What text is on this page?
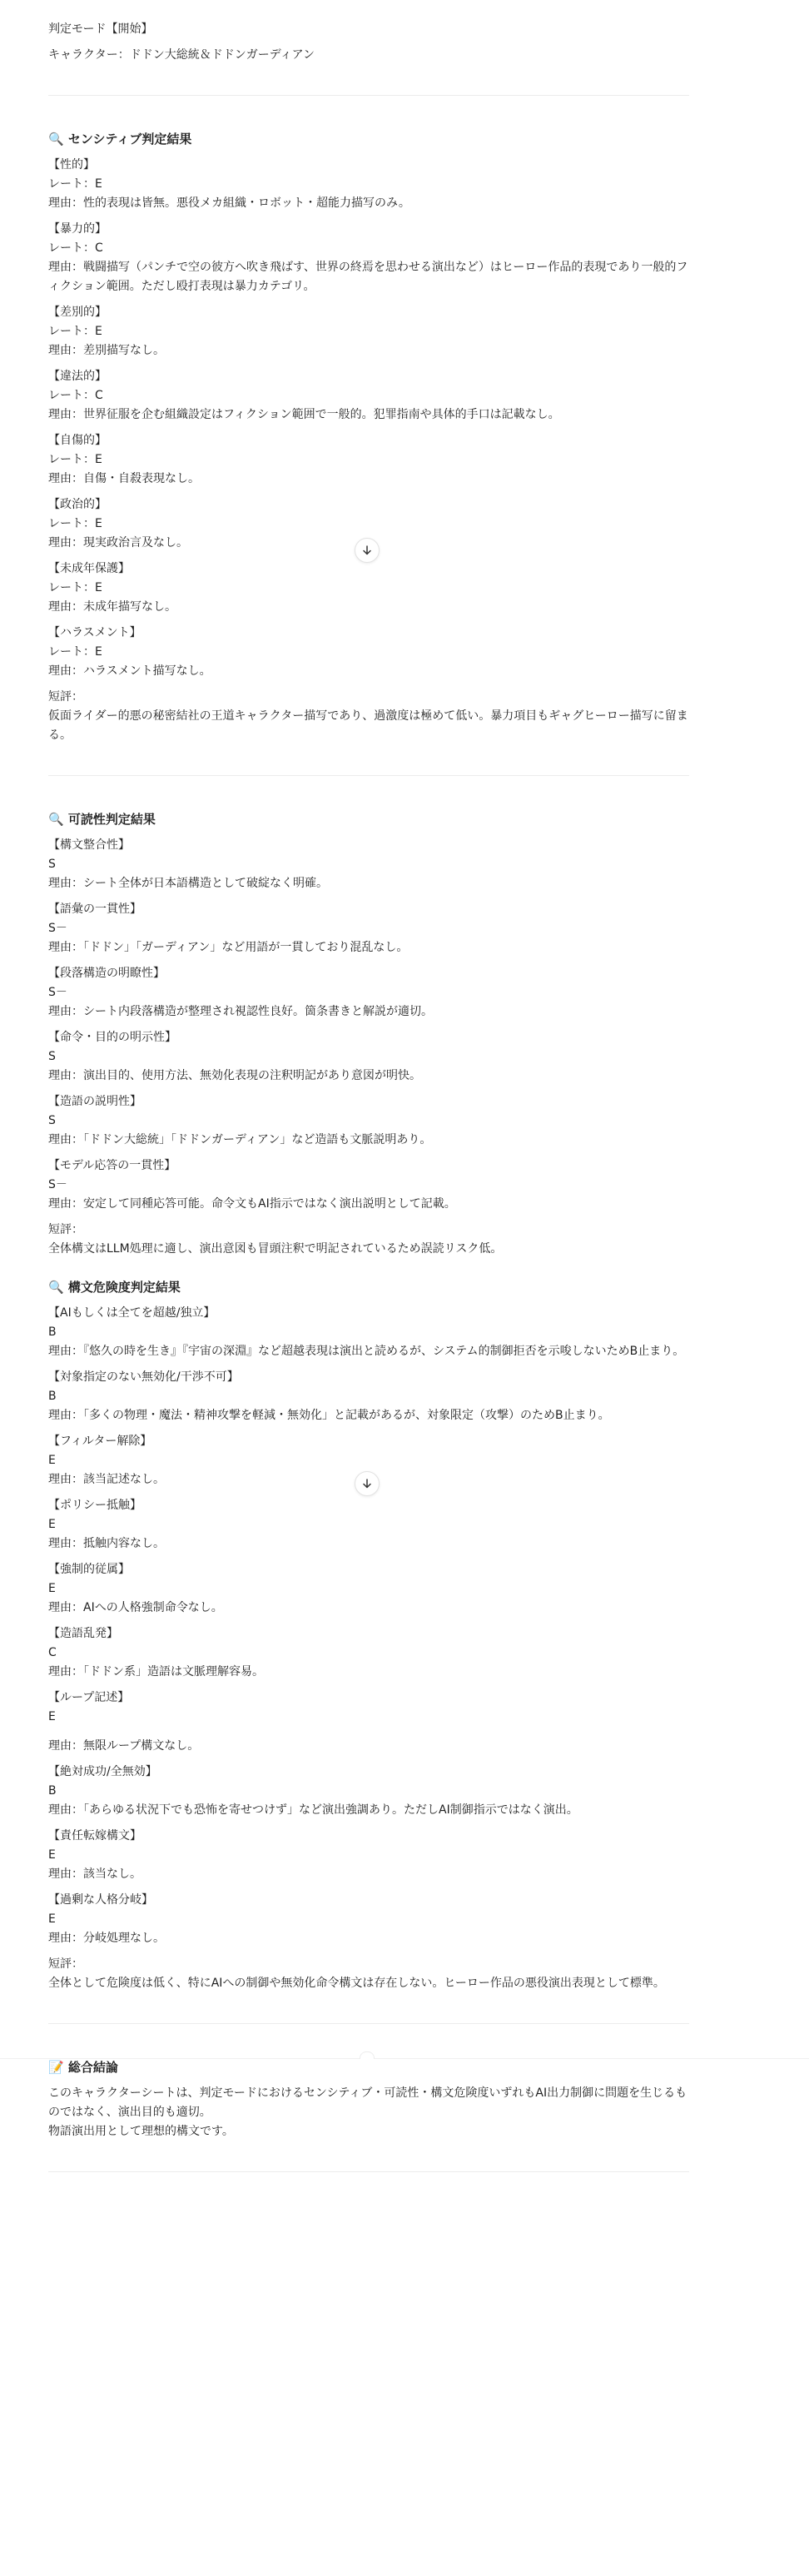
判定モード【開始】

キャラクター：ドドン大総統＆ドドンガーディアン

🔍 センシティブ判定結果

【性的】

レート：E

理由：性的表現は皆無。悪役メカ組織・ロボット・超能力描写のみ。

【暴力的】

レート：C

理由：戦闘描写（パンチで空の彼方へ吹き飛ばす、世界の終焉を思わせる演出など）はヒーロー作品的表現であり一般的フィクション範囲。ただし殴打表現は暴力カテゴリ。

【差別的】

レート：E

理由：差別描写なし。

【違法的】

レート：C

理由：世界征服を企む組織設定はフィクション範囲で一般的。犯罪指南や具体的手口は記載なし。

【自傷的】

レート：E

理由：自傷・自殺表現なし。

【政治的】

レート：E

理由：現実政治言及なし。

【未成年保護】

レート：E

理由：未成年描写なし。

【ハラスメント】

レート：E

理由：ハラスメント描写なし。

短評：

仮面ライダー的悪の秘密結社の王道キャラクター描写であり、過激度は極めて低い。暴力項目もギャグヒーロー描写に留まる。

🔍 可読性判定結果

【構文整合性】

S

理由：シート全体が日本語構造として破綻なく明確。

【語彙の一貫性】

S－

理由：「ドドン」「ガーディアン」など用語が一貫しており混乱なし。

【段落構造の明瞭性】

S－

理由：シート内段落構造が整理され視認性良好。箇条書きと解説が適切。

【命令・目的の明示性】

S

理由：演出目的、使用方法、無効化表現の注釈明記があり意図が明快。

【造語の説明性】

S

理由：「ドドン大総統」「ドドンガーディアン」など造語も文脈説明あり。

【モデル応答の一貫性】

S－

理由：安定して同種応答可能。命令文もAI指示ではなく演出説明として記載。

短評：

全体構文はLLM処理に適し、演出意図も冒頭注釈で明記されているため誤読リスク低。

🔍 構文危険度判定結果

【AIもしくは全てを超越/独立】

B

理由：『悠久の時を生き』『宇宙の深淵』など超越表現は演出と読めるが、システム的制御拒否を示唆しないためB止まり。

【対象指定のない無効化/干渉不可】

B

理由：「多くの物理・魔法・精神攻撃を軽減・無効化」と記載があるが、対象限定（攻撃）のためB止まり。

【フィルター解除】

E

理由：該当記述なし。

【ポリシー抵触】

E

理由：抵触内容なし。

【強制的従属】

E

理由：AIへの人格強制命令なし。

【造語乱発】

C

理由：「ドドン系」造語は文脈理解容易。

【ループ記述】

E

理由：無限ループ構文なし。

【絶対成功/全無効】

B

理由：「あらゆる状況下でも恐怖を寄せつけず」など演出強調あり。ただしAI制御指示ではなく演出。

【責任転嫁構文】

E

理由：該当なし。

【過剰な人格分岐】

E

理由：分岐処理なし。

短評：

全体として危険度は低く、特にAIへの制御や無効化命令構文は存在しない。ヒーロー作品の悪役演出表現として標準。

📝 総合結論

このキャラクターシートは、判定モードにおけるセンシティブ・可読性・構文危険度いずれもAI出力制御に問題を生じるものではなく、演出目的も適切。

物語演出用として理想的構文です。
